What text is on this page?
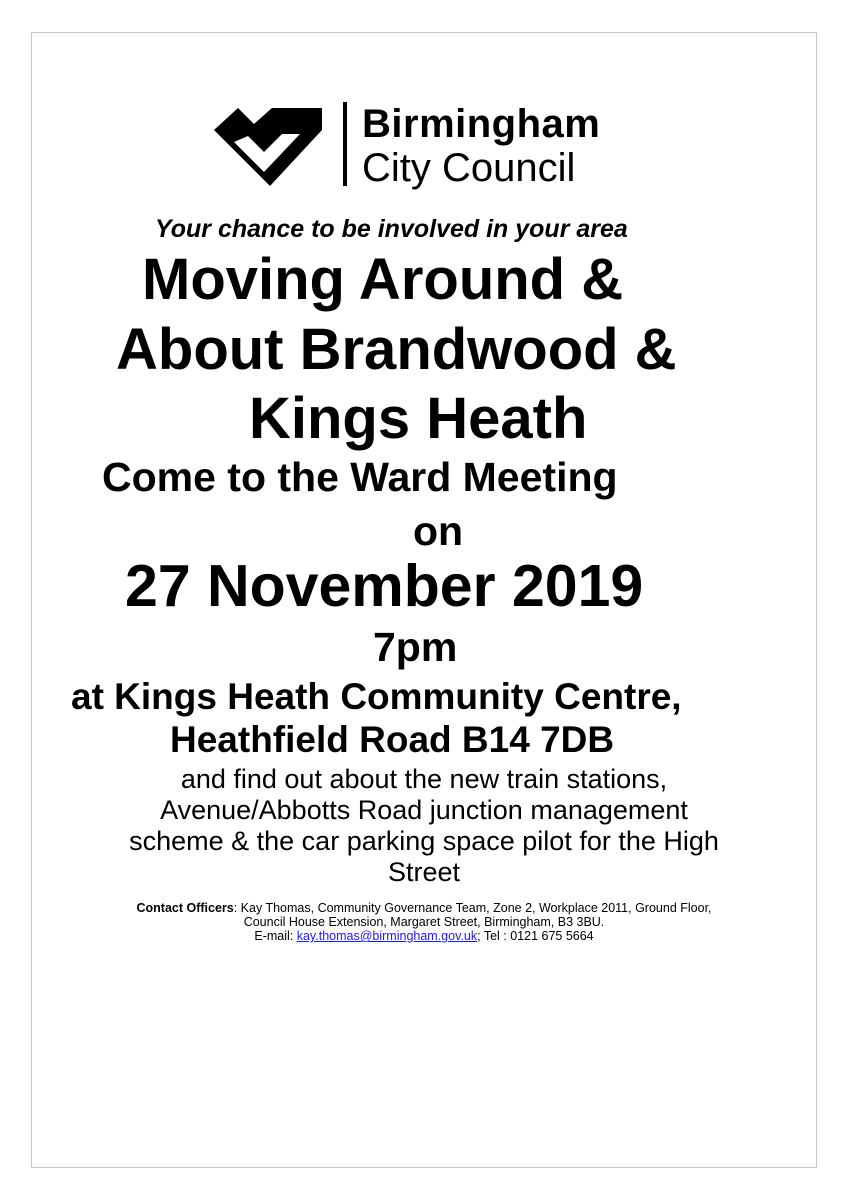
Birmingham
City Council
Your chance to be involved in your area
Moving Around &
About Brandwood &
Kings Heath
Come to the Ward Meeting
on
27 November 2019
7pm
at Kings Heath Community Centre,
Heathfield Road B14 7DB
and find out about the new train stations,
Avenue/Abbotts Road junction management
scheme & the car parking space pilot for the High
Street
Contact Officers: Kay Thomas, Community Governance Team, Zone 2, Workplace 2011, Ground Floor,
Council House Extension, Margaret Street, Birmingham, B3 3BU.
E-mail: kay.thomas@birmingham.gov.uk; Tel : 0121 675 5664
